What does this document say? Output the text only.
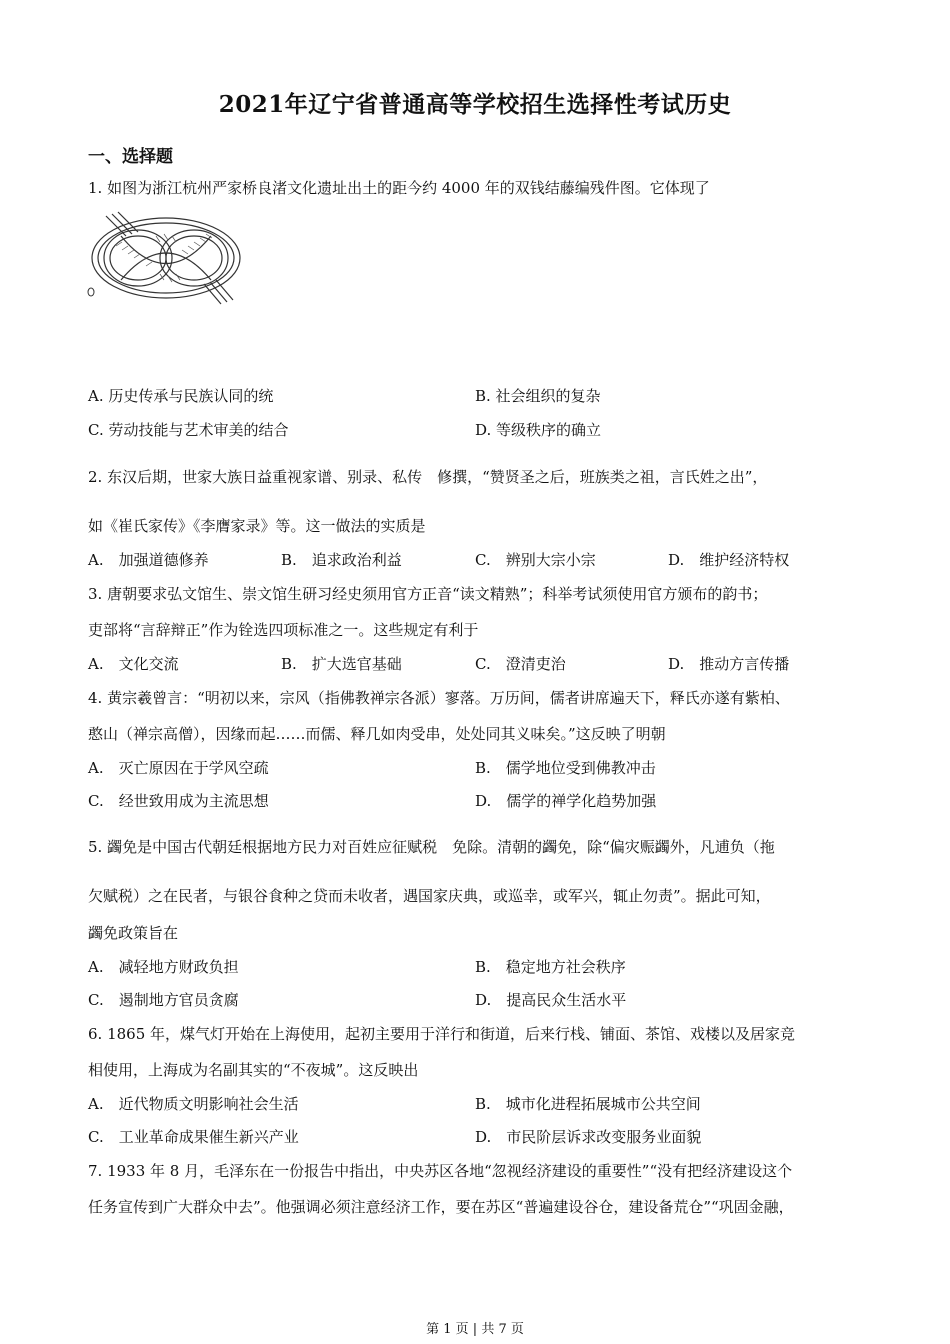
2021年辽宁省普通高等学校招生选择性考试历史
一、选择题
1. 如图为浙江杭州严家桥良渚文化遗址出土的距今约 4000 年的双钱结藤编残件图。它体现了
A. 历史传承与民族认同的统	B. 社会组织的复杂
C. 劳动技能与艺术审美的结合	D. 等级秩序的确立
2. 东汉后期，世家大族日益重视家谱、别录、私传　修撰，“赞贤圣之后，班族类之祖，言氏姓之出”，
如《崔氏家传》《李膺家录》等。这一做法的实质是
A.　加强道德修养	B.　追求政治利益	C.　辨别大宗小宗	D.　维护经济特权
3. 唐朝要求弘文馆生、崇文馆生研习经史须用官方正音“读文精熟”；科举考试须使用官方颁布的韵书；
吏部将“言辞辩正”作为铨选四项标准之一。这些规定有利于
A.　文化交流	B.　扩大选官基础	C.　澄清吏治	D.　推动方言传播
4. 黄宗羲曾言：“明初以来，宗风（指佛教禅宗各派）寥落。万历间，儒者讲席遍天下，释氏亦遂有紫柏、
憨山（禅宗高僧），因缘而起……而儒、释几如肉受串，处处同其义味矣。”这反映了明朝
A.　灭亡原因在于学风空疏	B.　儒学地位受到佛教冲击
C.　经世致用成为主流思想	D.　儒学的禅学化趋势加强
5. 蠲免是中国古代朝廷根据地方民力对百姓应征赋税　免除。清朝的蠲免，除“偏灾赈蠲外，凡逋负（拖
欠赋税）之在民者，与银谷食种之贷而未收者，遇国家庆典，或巡幸，或军兴，辄止勿责”。据此可知，
蠲免政策旨在
A.　减轻地方财政负担	B.　稳定地方社会秩序
C.　遏制地方官员贪腐	D.　提高民众生活水平
6. 1865 年，煤气灯开始在上海使用，起初主要用于洋行和街道，后来行栈、铺面、茶馆、戏楼以及居家竞
相使用，上海成为名副其实的“不夜城”。这反映出
A.　近代物质文明影响社会生活	B.　城市化进程拓展城市公共空间
C.　工业革命成果催生新兴产业	D.　市民阶层诉求改变服务业面貌
7. 1933 年 8 月，毛泽东在一份报告中指出，中央苏区各地“忽视经济建设的重要性”“没有把经济建设这个
任务宣传到广大群众中去”。他强调必须注意经济工作，要在苏区“普遍建设谷仓，建设备荒仓”“巩固金融，
第 1 页 | 共 7 页
